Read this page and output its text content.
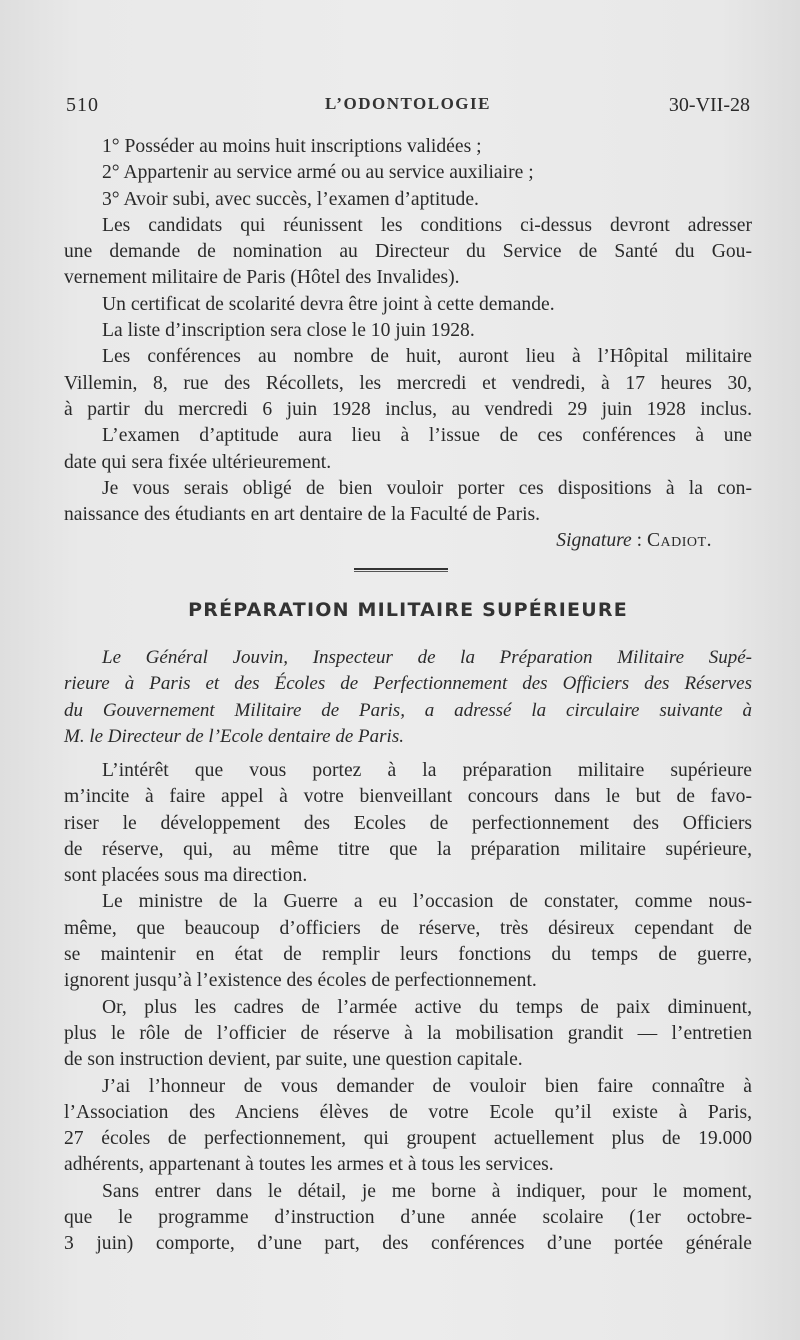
510	L’ODONTOLOGIE	30-VII-28
1° Posséder au moins huit inscriptions validées ;
2° Appartenir au service armé ou au service auxiliaire ;
3° Avoir subi, avec succès, l’examen d’aptitude.
Les candidats qui réunissent les conditions ci-dessus devront adresser
une demande de nomination au Directeur du Service de Santé du Gou-
vernement militaire de Paris (Hôtel des Invalides).
Un certificat de scolarité devra être joint à cette demande.
La liste d’inscription sera close le 10 juin 1928.
Les conférences au nombre de huit, auront lieu à l’Hôpital militaire
Villemin, 8, rue des Récollets, les mercredi et vendredi, à 17 heures 30,
à partir du mercredi 6 juin 1928 inclus, au vendredi 29 juin 1928 inclus.
L’examen d’aptitude aura lieu à l’issue de ces conférences à une
date qui sera fixée ultérieurement.
Je vous serais obligé de bien vouloir porter ces dispositions à la con-
naissance des étudiants en art dentaire de la Faculté de Paris.
Signature : Cadiot.
PRÉPARATION MILITAIRE SUPÉRIEURE
Le Général Jouvin, Inspecteur de la Préparation Militaire Supé-
rieure à Paris et des Écoles de Perfectionnement des Officiers des Réserves
du Gouvernement Militaire de Paris, a adressé la circulaire suivante à
M. le Directeur de l’Ecole dentaire de Paris.
L’intérêt que vous portez à la préparation militaire supérieure
m’incite à faire appel à votre bienveillant concours dans le but de favo-
riser le développement des Ecoles de perfectionnement des Officiers
de réserve, qui, au même titre que la préparation militaire supérieure,
sont placées sous ma direction.
Le ministre de la Guerre a eu l’occasion de constater, comme nous-
même, que beaucoup d’officiers de réserve, très désireux cependant de
se maintenir en état de remplir leurs fonctions du temps de guerre,
ignorent jusqu’à l’existence des écoles de perfectionnement.
Or, plus les cadres de l’armée active du temps de paix diminuent,
plus le rôle de l’officier de réserve à la mobilisation grandit — l’entretien
de son instruction devient, par suite, une question capitale.
J’ai l’honneur de vous demander de vouloir bien faire connaître à
l’Association des Anciens élèves de votre Ecole qu’il existe à Paris,
27 écoles de perfectionnement, qui groupent actuellement plus de 19.000
adhérents, appartenant à toutes les armes et à tous les services.
Sans entrer dans le détail, je me borne à indiquer, pour le moment,
que le programme d’instruction d’une année scolaire (1er octobre-
3 juin) comporte, d’une part, des conférences d’une portée générale
